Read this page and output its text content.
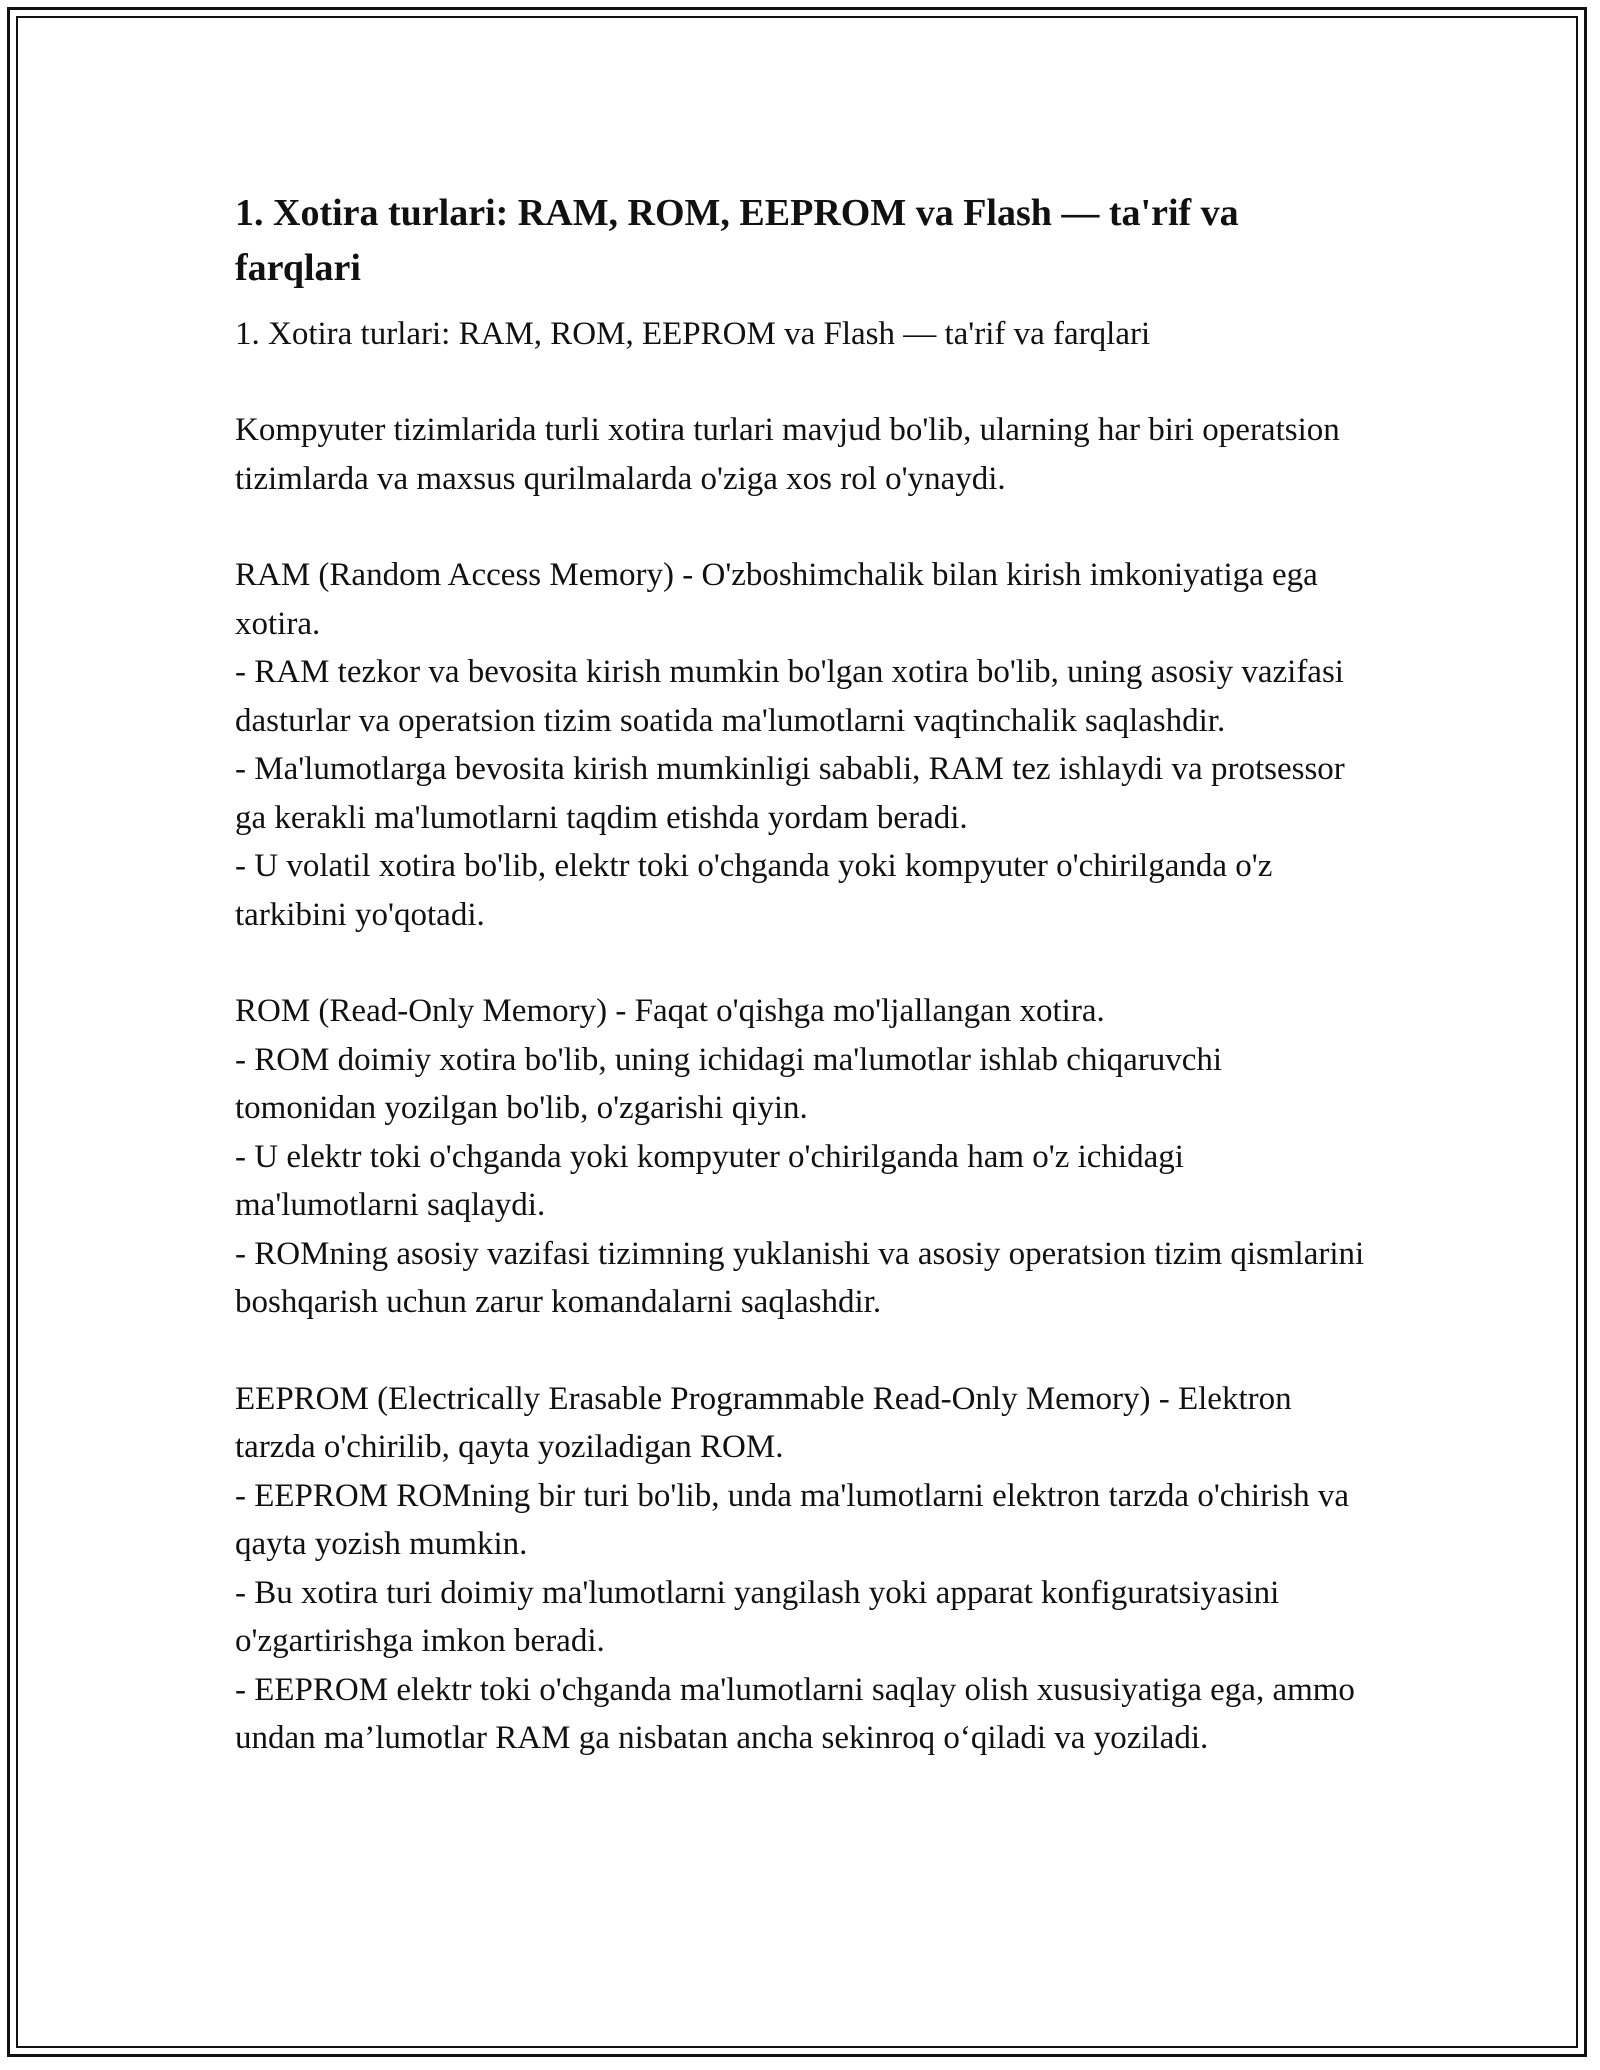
1. Xotira turlari: RAM, ROM, EEPROM va Flash — ta'rif va farqlari

1. Xotira turlari: RAM, ROM, EEPROM va Flash — ta'rif va farqlari

Kompyuter tizimlarida turli xotira turlari mavjud bo'lib, ularning har biri operatsion tizimlarda va maxsus qurilmalarda o'ziga xos rol o'ynaydi.

RAM (Random Access Memory) - O'zboshimchalik bilan kirish imkoniyatiga ega xotira.
- RAM tezkor va bevosita kirish mumkin bo'lgan xotira bo'lib, uning asosiy vazifasi dasturlar va operatsion tizim soatida ma'lumotlarni vaqtinchalik saqlashdir.
- Ma'lumotlarga bevosita kirish mumkinligi sababli, RAM tez ishlaydi va protsessor ga kerakli ma'lumotlarni taqdim etishda yordam beradi.
- U volatil xotira bo'lib, elektr toki o'chganda yoki kompyuter o'chirilganda o'z tarkibini yo'qotadi.

ROM (Read-Only Memory) - Faqat o'qishga mo'ljallangan xotira.
- ROM doimiy xotira bo'lib, uning ichidagi ma'lumotlar ishlab chiqaruvchi tomonidan yozilgan bo'lib, o'zgarishi qiyin.
- U elektr toki o'chganda yoki kompyuter o'chirilganda ham o'z ichidagi ma'lumotlarni saqlaydi.
- ROMning asosiy vazifasi tizimning yuklanishi va asosiy operatsion tizim qismlarini boshqarish uchun zarur komandalarni saqlashdir.

EEPROM (Electrically Erasable Programmable Read-Only Memory) - Elektron tarzda o'chirilib, qayta yoziladigan ROM.
- EEPROM ROMning bir turi bo'lib, unda ma'lumotlarni elektron tarzda o'chirish va qayta yozish mumkin.
- Bu xotira turi doimiy ma'lumotlarni yangilash yoki apparat konfiguratsiyasini o'zgartirishga imkon beradi.
- EEPROM elektr toki o'chganda ma'lumotlarni saqlay olish xususiyatiga ega, ammo undan ma’lumotlar RAM ga nisbatan ancha sekinroq o‘qiladi va yoziladi.
